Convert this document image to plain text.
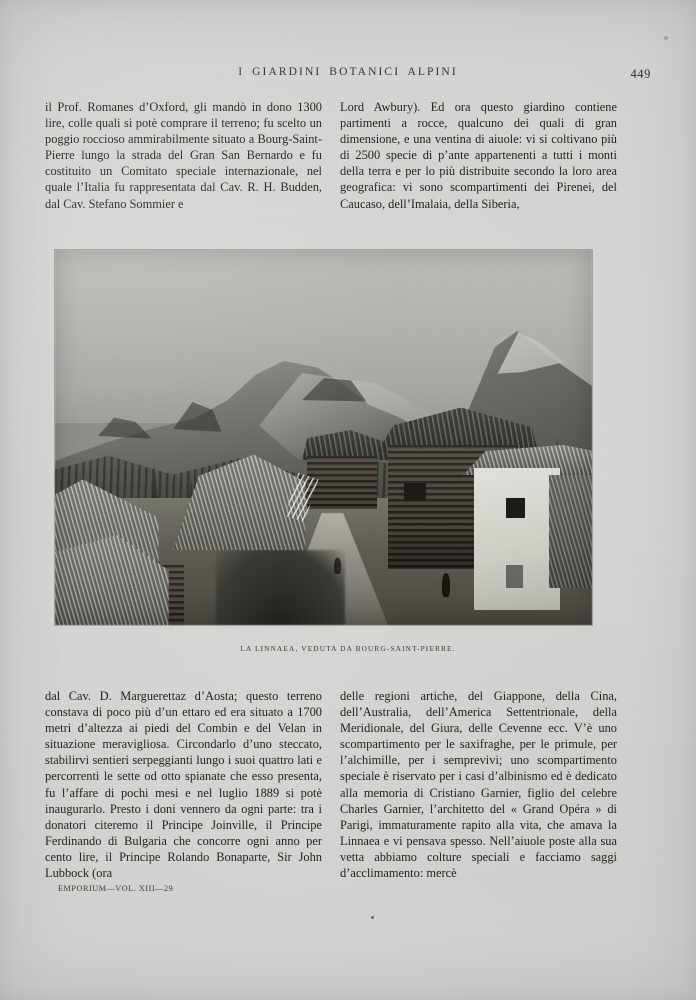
I GIARDINI BOTANICI ALPINI	449

il Prof. Romanes d’Oxford, gli mandò in dono 1300 lire, colle quali si potè comprare il terreno; fu scelto un poggio roccioso ammirabilmente situato a Bourg-Saint-Pierre lungo la strada del Gran San Bernardo e fu costituito un Comitato speciale internazionale, nel quale l’Italia fu rappresentata dal Cav. R. H. Budden, dal Cav. Stefano Sommier e

Lord Awbury). Ed ora questo giardino contiene partimenti a rocce, qualcuno dei quali di gran dimensione, e una ventina di aiuole: vi si coltivano più di 2500 specie di p’ante appartenenti a tutti i monti della terra e per lo più distribuite secondo la loro area geografica: vi sono scompartimenti dei Pirenei, del Caucaso, dell’Imalaia, della Siberia,

LA LINNAEA, VEDUTA DA BOURG-SAINT-PIERRE.

dal Cav. D. Marguerettaz d’Aosta; questo terreno constava di poco più d’un ettaro ed era situato a 1700 metri d’altezza ai piedi del Combin e del Velan in situazione meravigliosa. Circondarlo d’uno steccato, stabilirvi sentieri serpeggianti lungo i suoi quattro lati e percorrenti le sette od otto spianate che esso presenta, fu l’affare di pochi mesi e nel luglio 1889 si potè inaugurarlo. Presto i doni vennero da ogni parte: tra i donatori citeremo il Principe Joinville, il Principe Ferdinando di Bulgaria che concorre ogni anno per cento lire, il Principe Rolando Bonaparte, Sir John Lubbock (ora

delle regioni artiche, del Giappone, della Cina, dell’Australia, dell’America Settentrionale, della Meridionale, del Giura, delle Cevenne ecc. V’è uno scompartimento per le saxifraghe, per le primule, per l’alchimille, per i semprevivi; uno scompartimento speciale è riservato per i casi d’albinismo ed è dedicato alla memoria di Cristiano Garnier, figlio del celebre Charles Garnier, l’architetto del « Grand Opéra » di Parigi, immaturamente rapito alla vita, che amava la Linnaea e vi pensava spesso. Nell’aiuole poste alla sua vetta abbiamo colture speciali e facciamo saggi d’acclimamento: mercè

EMPORIUM—VOL. XIII—29
